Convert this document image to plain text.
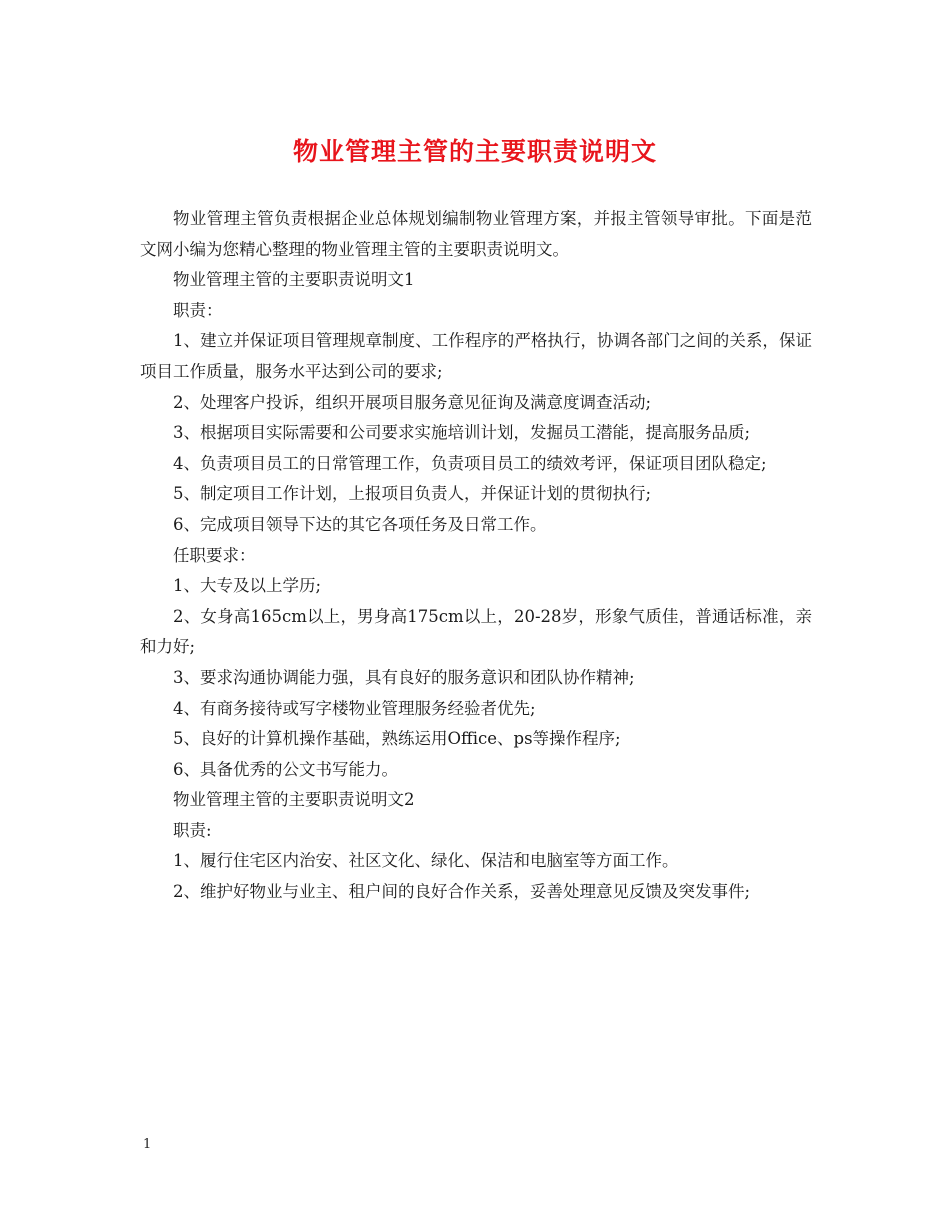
物业管理主管的主要职责说明文

物业管理主管负责根据企业总体规划编制物业管理方案，并报主管领导审批。下面是范文网小编为您精心整理的物业管理主管的主要职责说明文。

物业管理主管的主要职责说明文1

职责：

1、建立并保证项目管理规章制度、工作程序的严格执行，协调各部门之间的关系，保证项目工作质量，服务水平达到公司的要求;

2、处理客户投诉，组织开展项目服务意见征询及满意度调查活动;

3、根据项目实际需要和公司要求实施培训计划，发掘员工潜能，提高服务品质;

4、负责项目员工的日常管理工作，负责项目员工的绩效考评，保证项目团队稳定;

5、制定项目工作计划，上报项目负责人，并保证计划的贯彻执行;

6、完成项目领导下达的其它各项任务及日常工作。

任职要求：

1、大专及以上学历;

2、女身高165cm以上，男身高175cm以上，20-28岁，形象气质佳，普通话标准，亲和力好;

3、要求沟通协调能力强，具有良好的服务意识和团队协作精神;

4、有商务接待或写字楼物业管理服务经验者优先;

5、良好的计算机操作基础，熟练运用Office、ps等操作程序;

6、具备优秀的公文书写能力。

物业管理主管的主要职责说明文2

职责:

1、履行住宅区内治安、社区文化、绿化、保洁和电脑室等方面工作。

2、维护好物业与业主、租户间的良好合作关系，妥善处理意见反馈及突发事件;

1
